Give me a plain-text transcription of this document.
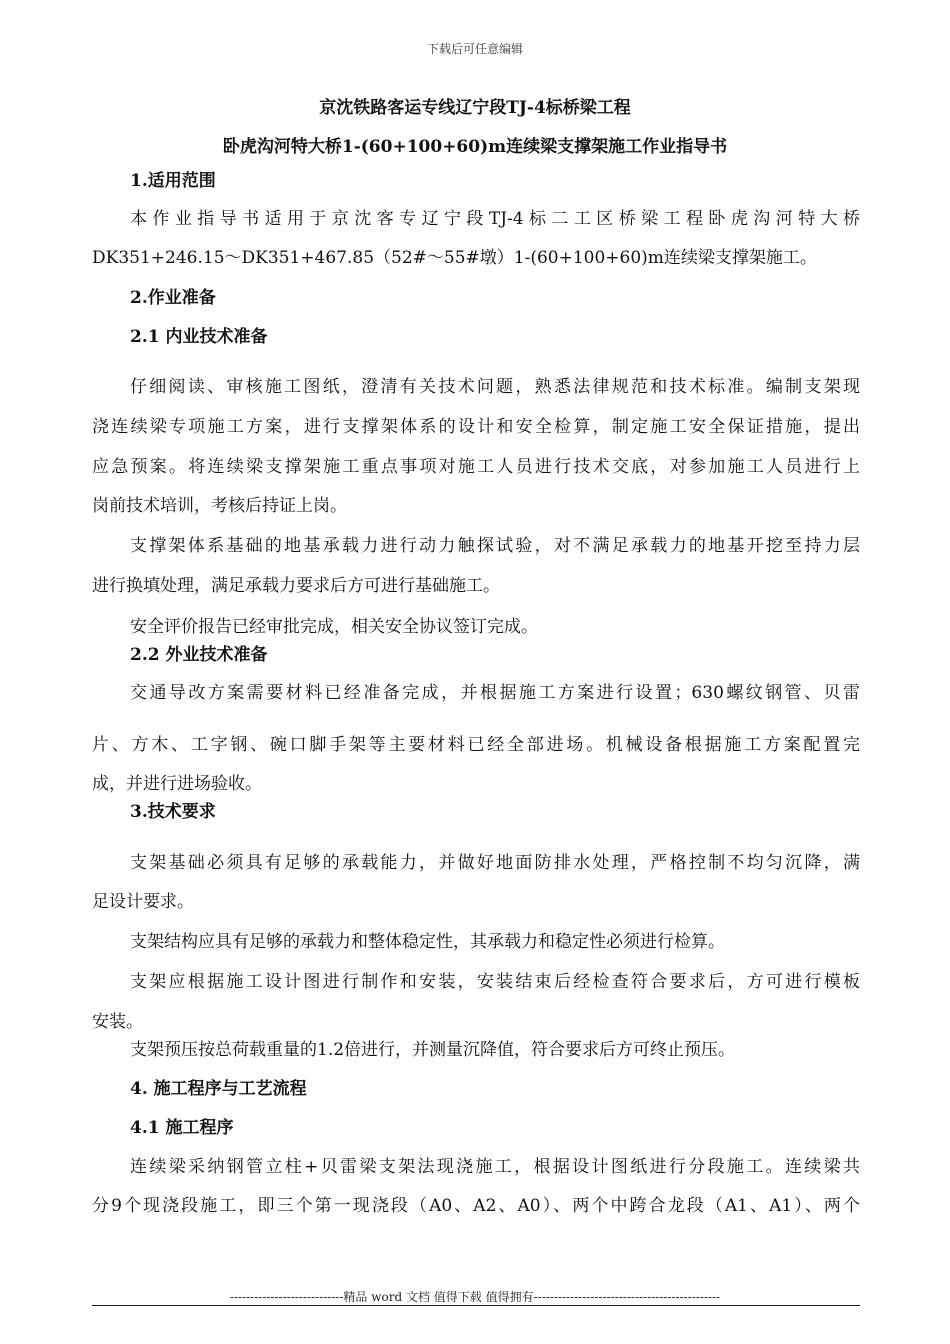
下载后可任意编辑
京沈铁路客运专线辽宁段TJ-4标桥梁工程
卧虎沟河特大桥1-(60+100+60)m连续梁支撑架施工作业指导书
1.适用范围
本作业指导书适用于京沈客专辽宁段TJ-4标二工区桥梁工程卧虎沟河特大桥
DK351+246.15～DK351+467.85（52#～55#墩）1-(60+100+60)m连续梁支撑架施工。
2.作业准备
2.1 内业技术准备
仔细阅读、审核施工图纸，澄清有关技术问题，熟悉法律规范和技术标准。编制支架现
浇连续梁专项施工方案，进行支撑架体系的设计和安全检算，制定施工安全保证措施，提出
应急预案。将连续梁支撑架施工重点事项对施工人员进行技术交底，对参加施工人员进行上
岗前技术培训，考核后持证上岗。
支撑架体系基础的地基承载力进行动力触探试验，对不满足承载力的地基开挖至持力层
进行换填处理，满足承载力要求后方可进行基础施工。
安全评价报告已经审批完成，相关安全协议签订完成。
2.2 外业技术准备
交通导改方案需要材料已经准备完成，并根据施工方案进行设置；630螺纹钢管、贝雷
片、方木、工字钢、碗口脚手架等主要材料已经全部进场。机械设备根据施工方案配置完
成，并进行进场验收。
3.技术要求
支架基础必须具有足够的承载能力，并做好地面防排水处理，严格控制不均匀沉降，满
足设计要求。
支架结构应具有足够的承载力和整体稳定性，其承载力和稳定性必须进行检算。
支架应根据施工设计图进行制作和安装，安装结束后经检查符合要求后，方可进行模板
安装。
支架预压按总荷载重量的1.2倍进行，并测量沉降值，符合要求后方可终止预压。
4. 施工程序与工艺流程
4.1 施工程序
连续梁采纳钢管立柱+贝雷梁支架法现浇施工，根据设计图纸进行分段施工。连续梁共
分9个现浇段施工，即三个第一现浇段（A0、A2、A0）、两个中跨合龙段（A1、A1）、两个
----------------------------精品 word 文档 值得下载 值得拥有----------------------------------------------
